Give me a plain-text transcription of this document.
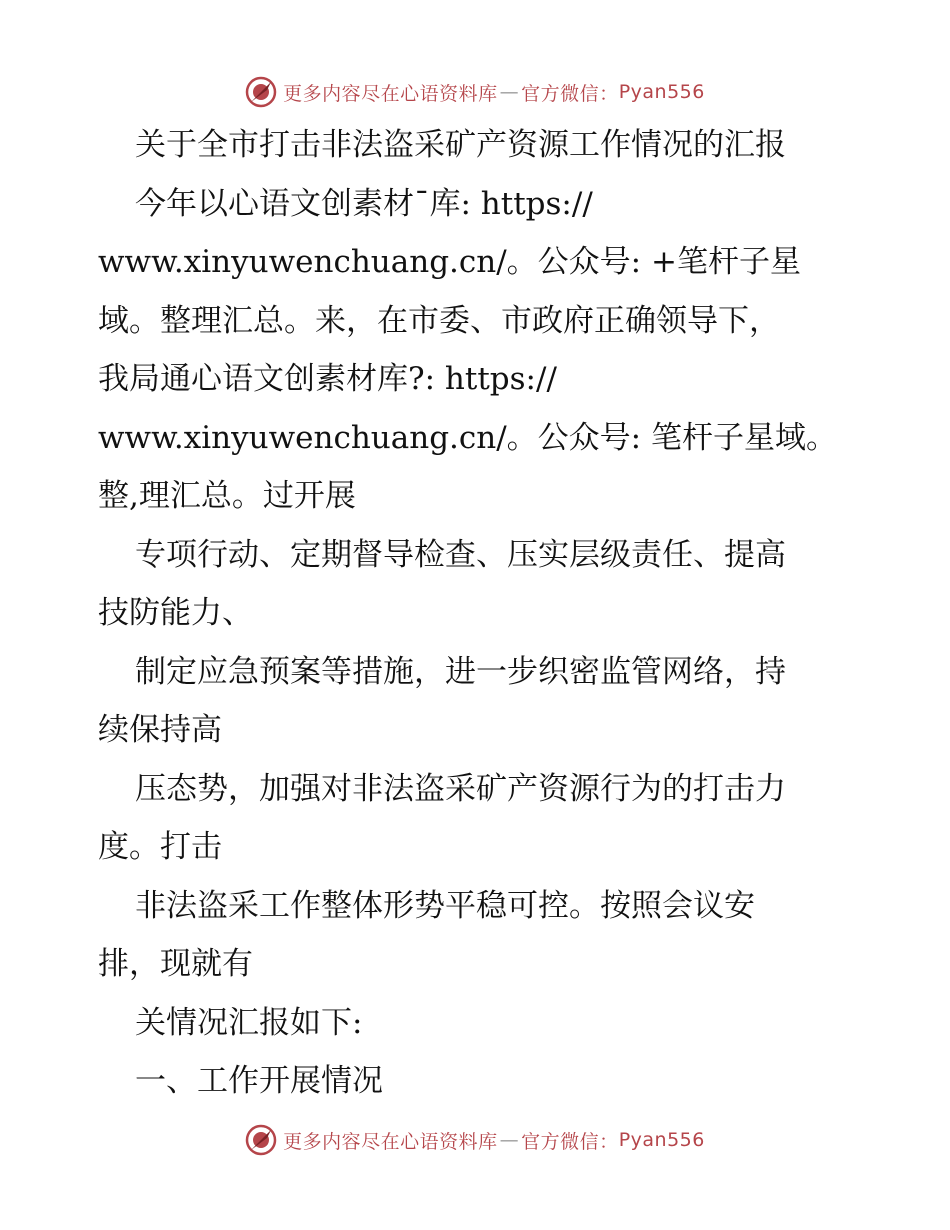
更多内容尽在心语资料库 — 官方微信： Pyan556
关于全市打击非法盗采矿产资源工作情况的汇报
今年以心语文创素材¯库: https://
www.xinyuwenchuang.cn/。公众号: +笔杆子星
域。整理汇总。来，在市委、市政府正确领导下，
我局通心语文创素材库?: https://
www.xinyuwenchuang.cn/。公众号: 笔杆子星域。
整,理汇总。过开展
专项行动、定期督导检查、压实层级责任、提高
技防能力、
制定应急预案等措施，进一步织密监管网络，持
续保持高
压态势，加强对非法盗采矿产资源行为的打击力
度。打击
非法盗采工作整体形势平稳可控。按照会议安
排，现就有
关情况汇报如下:
一、工作开展情况
更多内容尽在心语资料库 — 官方微信： Pyan556
